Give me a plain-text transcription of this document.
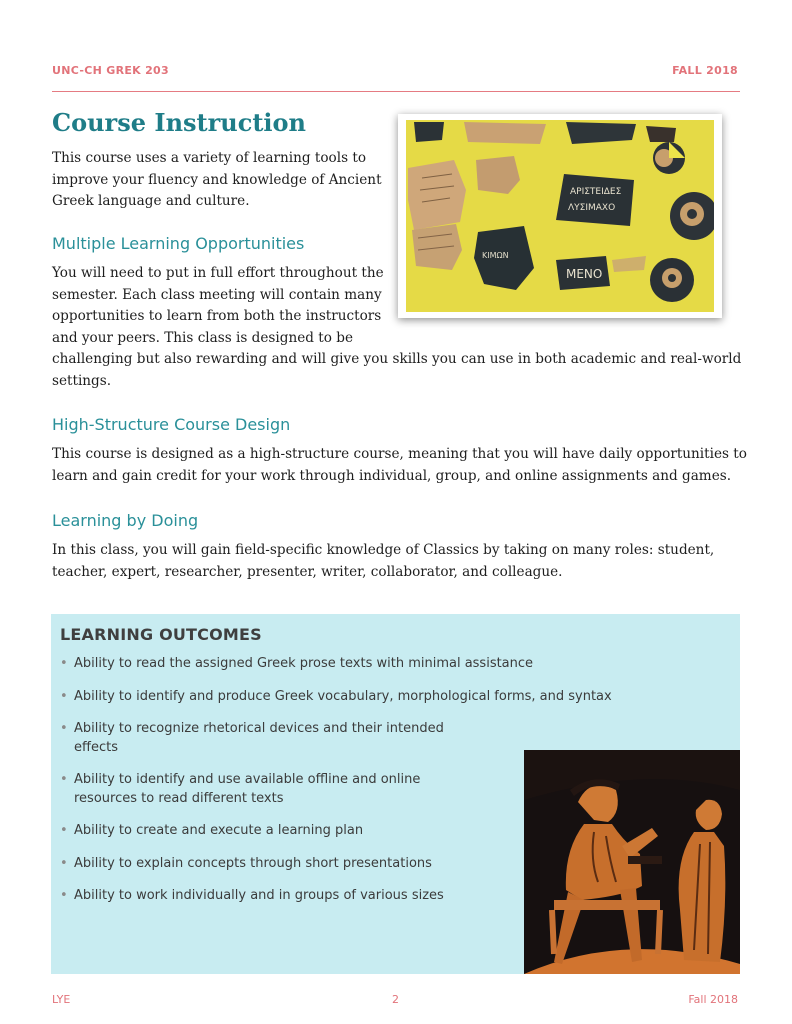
UNC-CH GREK 203	FALL 2018
Course Instruction

This course uses a variety of learning tools to
improve your fluency and knowledge of Ancient
Greek language and culture.

ΑΡΙΣΤΕΙΔΕΣ
ΛΥΣΙΜΑΧΟ
ΚΙΜΩΝ
ΜΕΝΟ
Multiple Learning Opportunities

You will need to put in full effort throughout the
semester. Each class meeting will contain many
opportunities to learn from both the instructors
and your peers. This class is designed to be
challenging but also rewarding and will give you skills you can use in both academic and real-world
settings.

High-Structure Course Design

This course is designed as a high-structure course, meaning that you will have daily opportunities to
learn and gain credit for your work through individual, group, and online assignments and games.

Learning by Doing

In this class, you will gain field-specific knowledge of Classics by taking on many roles: student,
teacher, expert, researcher, presenter, writer, collaborator, and colleague.

LEARNING OUTCOMES
• Ability to read the assigned Greek prose texts with minimal assistance
• Ability to identify and produce Greek vocabulary, morphological forms, and syntax
• Ability to recognize rhetorical devices and their intended
effects
• Ability to identify and use available offline and online
resources to read different texts
• Ability to create and execute a learning plan
• Ability to explain concepts through short presentations
• Ability to work individually and in groups of various sizes
LYE	2	Fall 2018
